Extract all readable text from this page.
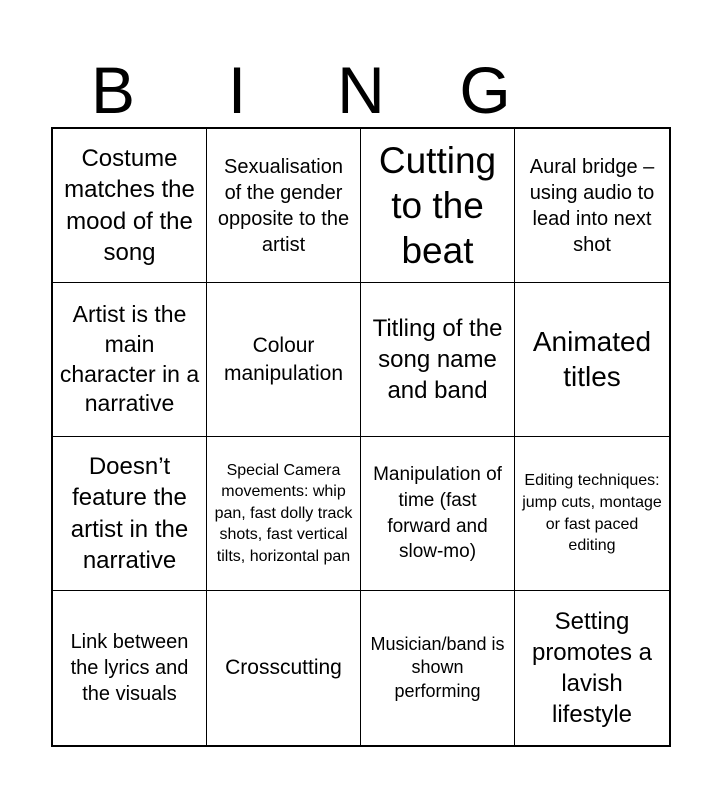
B	I	N	G
Costume matches the mood of the song
Sexualisation of the gender opposite to the artist
Cutting to the beat
Aural bridge – using audio to lead into next shot
Artist is the main character in a narrative
Colour manipulation
Titling of the song name and band
Animated titles
Doesn’t feature the artist in the narrative
Special Camera movements: whip pan, fast dolly track shots, fast vertical tilts, horizontal pan
Manipulation of time (fast forward and slow-mo)
Editing techniques: jump cuts, montage or fast paced editing
Link between the lyrics and the visuals
Crosscutting
Musician/band is shown performing
Setting promotes a lavish lifestyle
